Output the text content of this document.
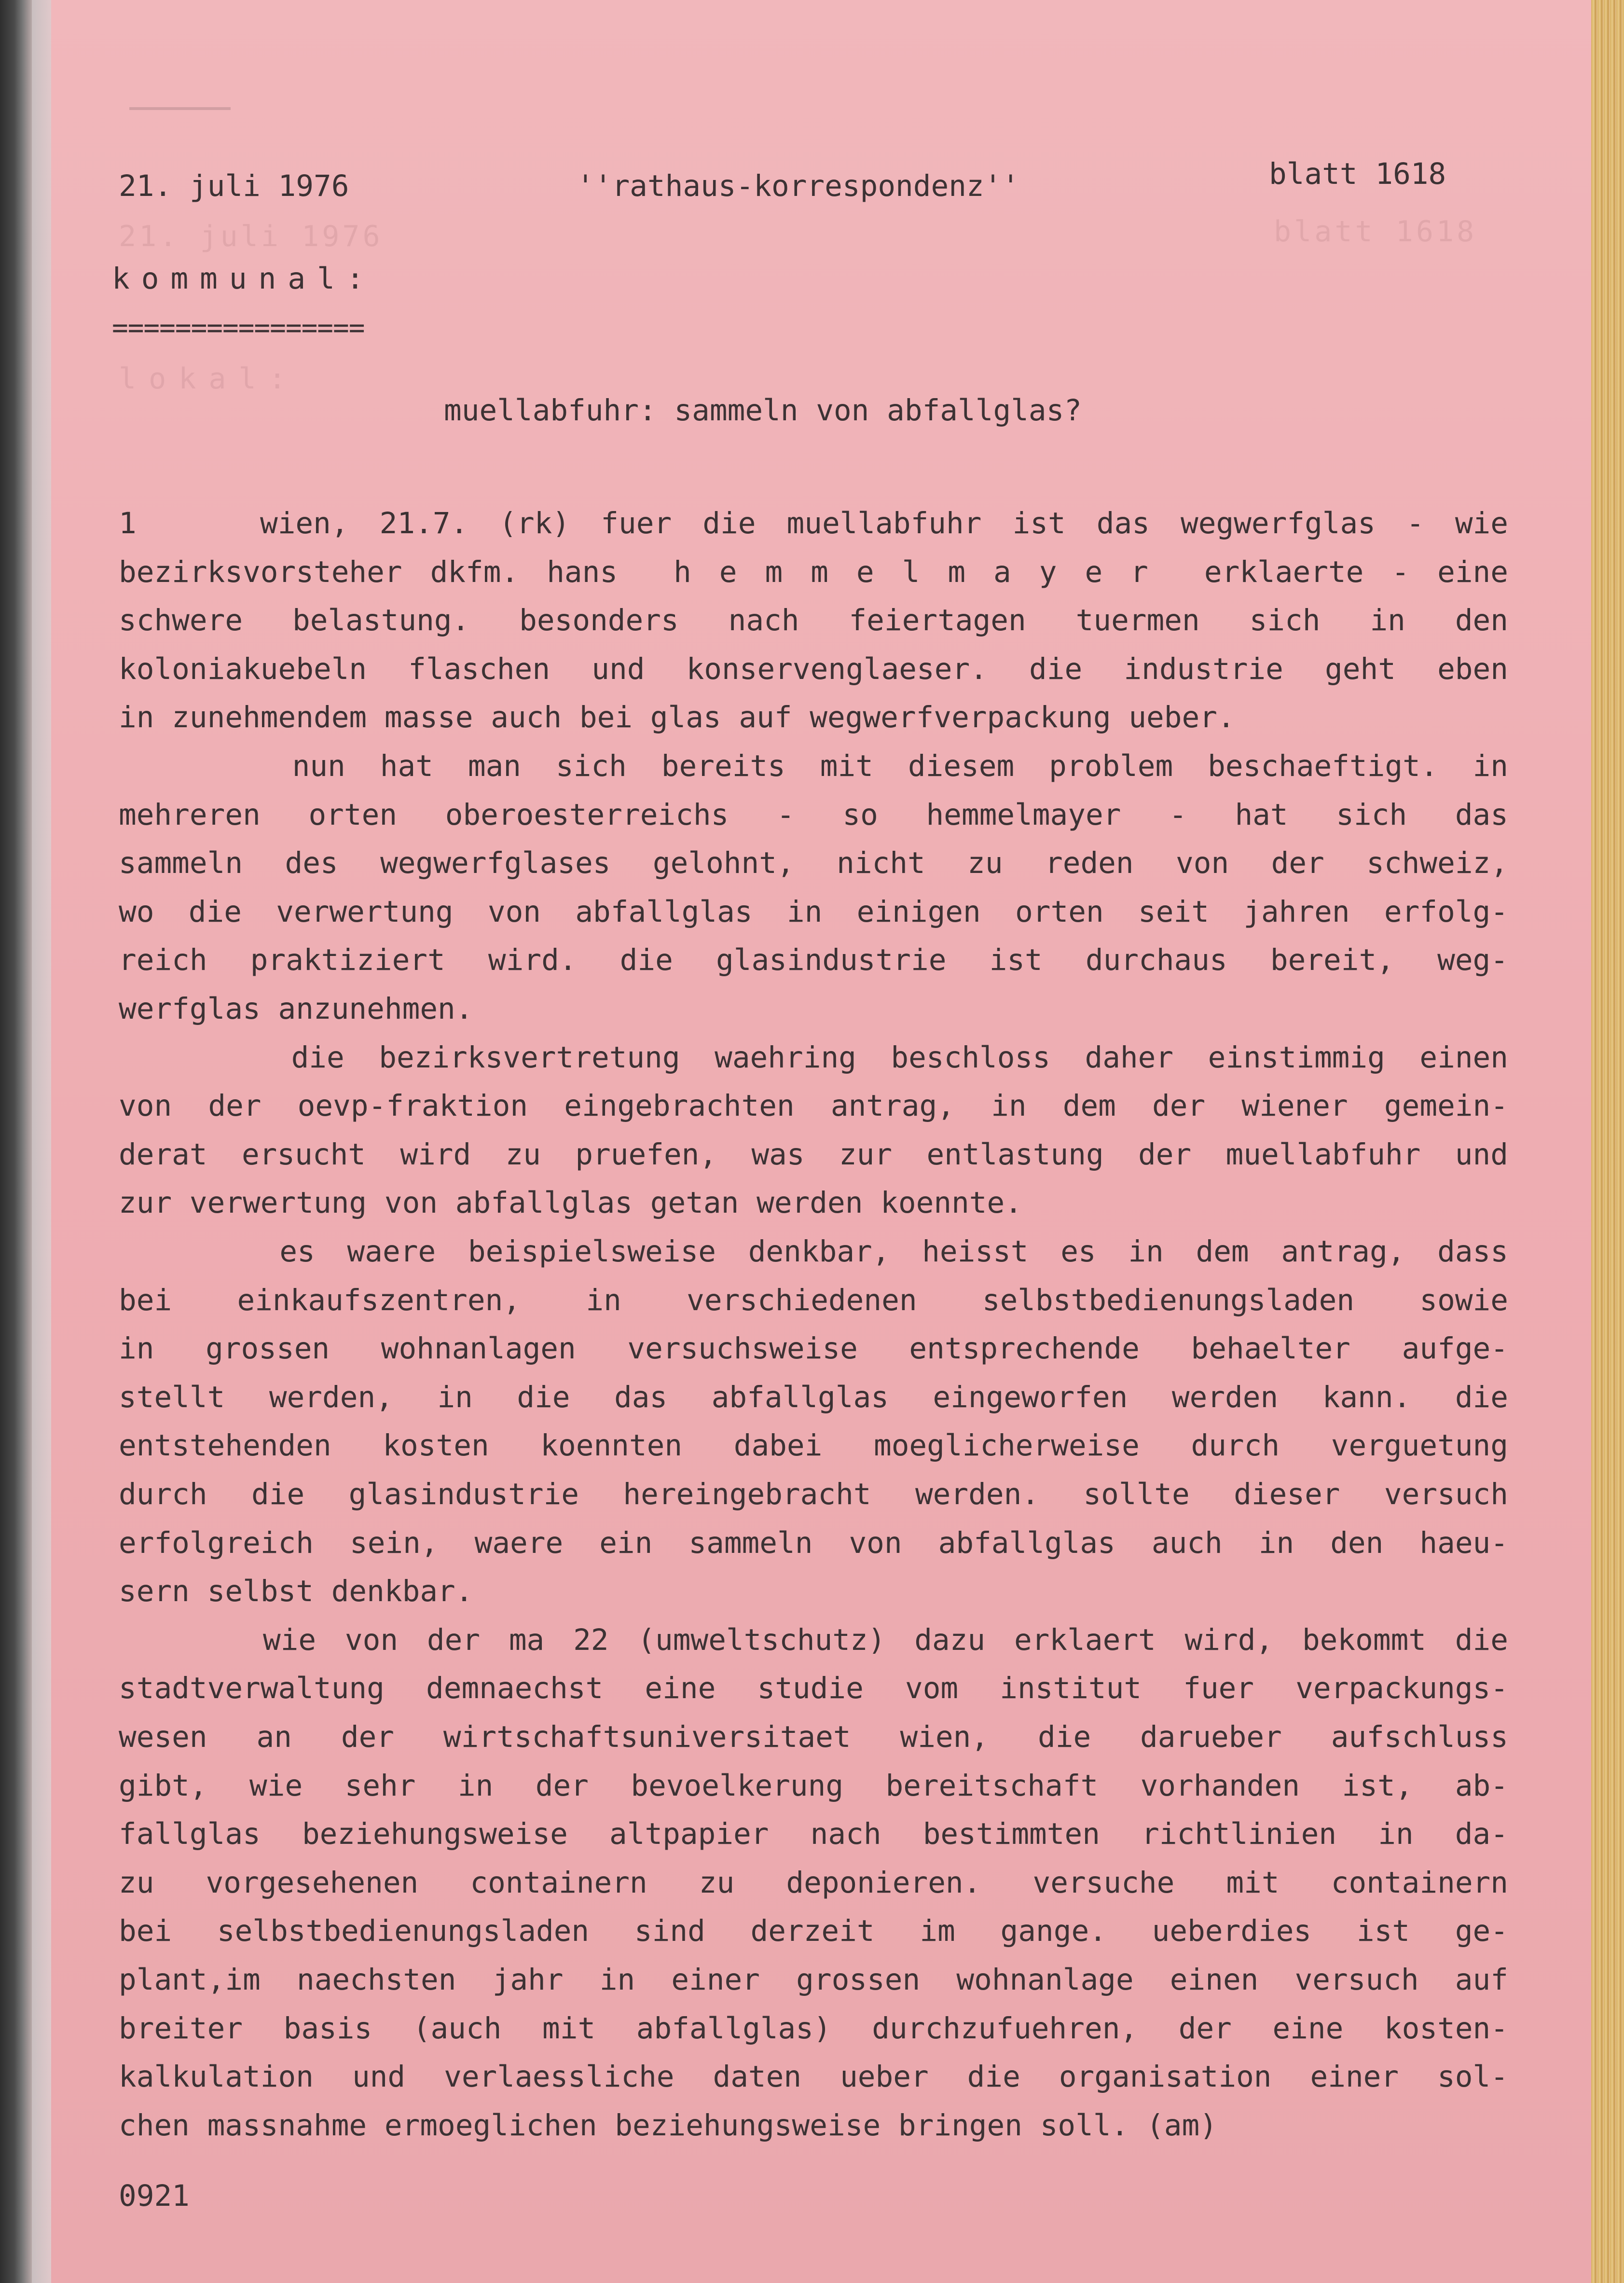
21. juli 1976	blatt 1618
lokal:
21. juli 1976	''rathaus-korrespondenz''	blatt 1618
kommunal:
================
muellabfuhr: sammeln von abfallglas?
1    wien, 21.7. (rk) fuer die muellabfuhr ist das wegwerfglas - wie
bezirksvorsteher dkfm. hans  h e m m e l m a y e r  erklaerte - eine
schwere belastung. besonders nach feiertagen tuermen sich in den
koloniakuebeln flaschen und konservenglaeser. die industrie geht eben
in zunehmendem masse auch bei glas auf wegwerfverpackung ueber.
nun hat man sich bereits mit diesem problem beschaeftigt. in
mehreren orten oberoesterreichs - so hemmelmayer - hat sich das
sammeln des wegwerfglases gelohnt, nicht zu reden von der schweiz,
wo die verwertung von abfallglas in einigen orten seit jahren erfolg-
reich praktiziert wird. die glasindustrie ist durchaus bereit, weg-
werfglas anzunehmen.
die bezirksvertretung waehring beschloss daher einstimmig einen
von der oevp-fraktion eingebrachten antrag, in dem der wiener gemein-
derat ersucht wird zu pruefen, was zur entlastung der muellabfuhr und
zur verwertung von abfallglas getan werden koennte.
es waere beispielsweise denkbar, heisst es in dem antrag, dass
bei einkaufszentren, in verschiedenen selbstbedienungsladen sowie
in grossen wohnanlagen versuchsweise entsprechende behaelter aufge-
stellt werden, in die das abfallglas eingeworfen werden kann. die
entstehenden kosten koennten dabei moeglicherweise durch verguetung
durch die glasindustrie hereingebracht werden. sollte dieser versuch
erfolgreich sein, waere ein sammeln von abfallglas auch in den haeu-
sern selbst denkbar.
wie von der ma 22 (umweltschutz) dazu erklaert wird, bekommt die
stadtverwaltung demnaechst eine studie vom institut fuer verpackungs-
wesen an der wirtschaftsuniversitaet wien, die darueber aufschluss
gibt, wie sehr in der bevoelkerung bereitschaft vorhanden ist, ab-
fallglas beziehungsweise altpapier nach bestimmten richtlinien in da-
zu vorgesehenen containern zu deponieren. versuche mit containern
bei selbstbedienungsladen sind derzeit im gange. ueberdies ist ge-
plant,im naechsten jahr in einer grossen wohnanlage einen versuch auf
breiter basis (auch mit abfallglas) durchzufuehren, der eine kosten-
kalkulation und verlaessliche daten ueber die organisation einer sol-
chen massnahme ermoeglichen beziehungsweise bringen soll. (am)
0921
